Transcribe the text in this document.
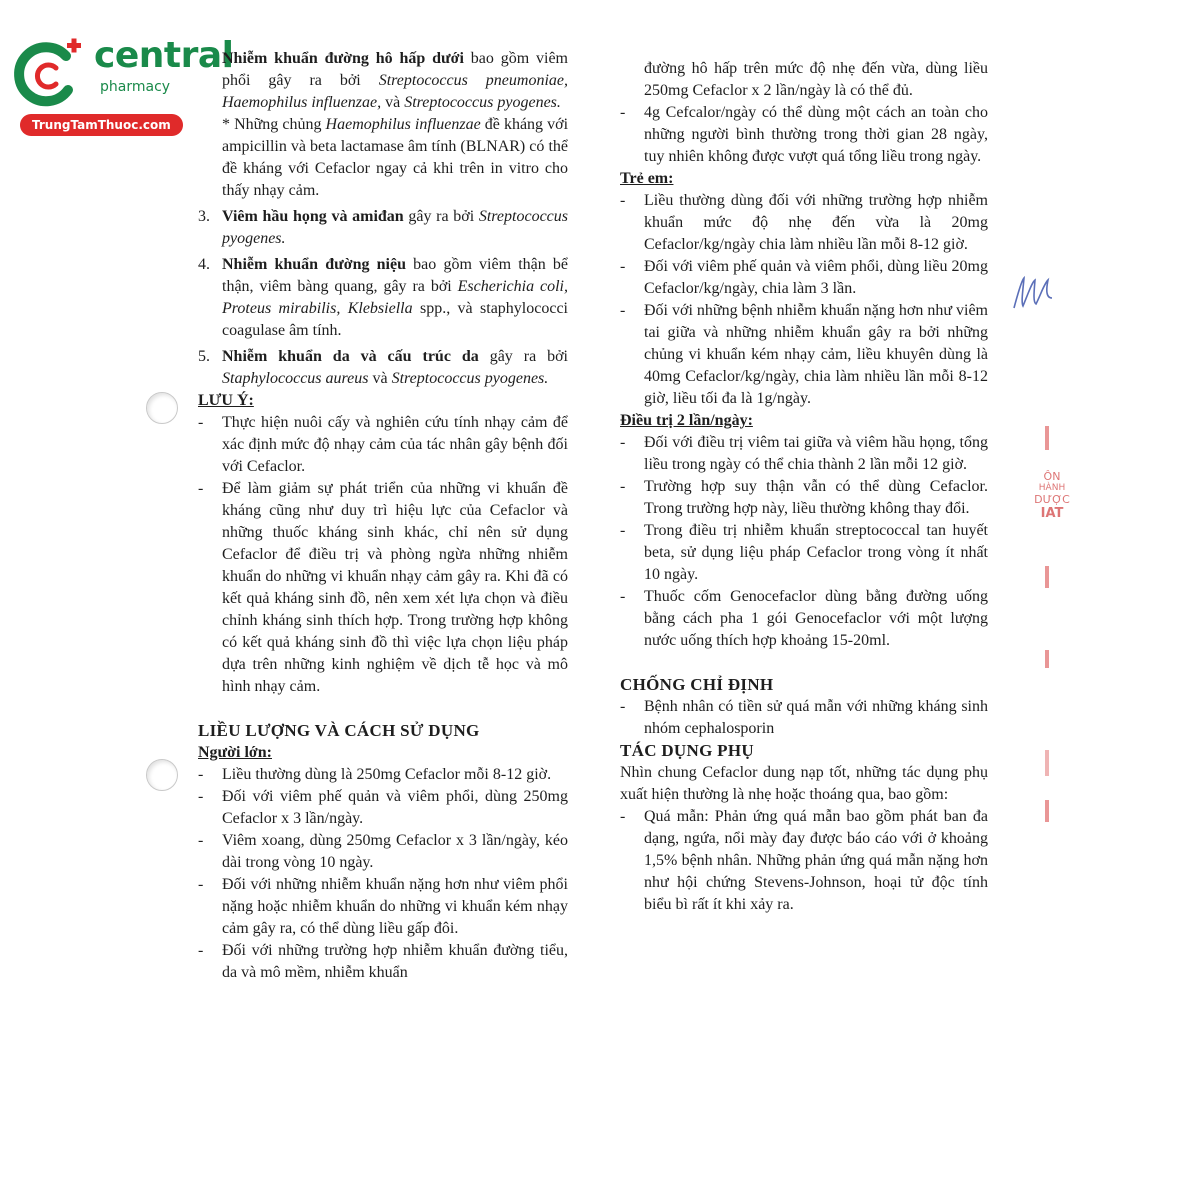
central
pharmacy
TrungTamThuoc.com

Nhiễm khuẩn đường hô hấp dưới bao gồm viêm phổi gây ra bởi Streptococcus pneumoniae, Haemophilus influenzae, và Streptococcus pyogenes.

* Những chủng Haemophilus influenzae đề kháng với ampicillin và beta lactamase âm tính (BLNAR) có thể đề kháng với Cefaclor ngay cả khi trên in vitro cho thấy nhạy cảm.

3. Viêm hầu họng và amiđan gây ra bởi Streptococcus pyogenes.
4. Nhiễm khuẩn đường niệu bao gồm viêm thận bể thận, viêm bàng quang, gây ra bởi Escherichia coli, Proteus mirabilis, Klebsiella spp., và staphylococci coagulase âm tính.
5. Nhiễm khuẩn da và cấu trúc da gây ra bởi Staphylococcus aureus và Streptococcus pyogenes.

LƯU Ý:

-	Thực hiện nuôi cấy và nghiên cứu tính nhạy cảm để xác định mức độ nhạy cảm của tác nhân gây bệnh đối với Cefaclor.
-	Để làm giảm sự phát triển của những vi khuẩn đề kháng cũng như duy trì hiệu lực của Cefaclor và những thuốc kháng sinh khác, chỉ nên sử dụng Cefaclor để điều trị và phòng ngừa những nhiễm khuẩn do những vi khuẩn nhạy cảm gây ra. Khi đã có kết quả kháng sinh đồ, nên xem xét lựa chọn và điều chỉnh kháng sinh thích hợp. Trong trường hợp không có kết quả kháng sinh đồ thì việc lựa chọn liệu pháp dựa trên những kinh nghiệm về dịch tễ học và mô hình nhạy cảm.

LIỀU LƯỢNG VÀ CÁCH SỬ DỤNG

Người lớn:

-	Liều thường dùng là 250mg Cefaclor mỗi 8-12 giờ.
-	Đối với viêm phế quản và viêm phổi, dùng 250mg Cefaclor x 3 lần/ngày.
-	Viêm xoang, dùng 250mg Cefaclor x 3 lần/ngày, kéo dài trong vòng 10 ngày.
-	Đối với những nhiễm khuẩn nặng hơn như viêm phổi nặng hoặc nhiễm khuẩn do những vi khuẩn kém nhạy cảm gây ra, có thể dùng liều gấp đôi.
-	Đối với những trường hợp nhiễm khuẩn đường tiểu, da và mô mềm, nhiễm khuẩn

đường hô hấp trên mức độ nhẹ đến vừa, dùng liều 250mg Cefaclor x 2 lần/ngày là có thể đủ.

-	4g Cefcalor/ngày có thể dùng một cách an toàn cho những người bình thường trong thời gian 28 ngày, tuy nhiên không được vượt quá tổng liều trong ngày.

Trẻ em:

-	Liều thường dùng đối với những trường hợp nhiễm khuẩn mức độ nhẹ đến vừa là 20mg Cefaclor/kg/ngày chia làm nhiều lần mỗi 8-12 giờ.
-	Đối với viêm phế quản và viêm phổi, dùng liều 20mg Cefaclor/kg/ngày, chia làm 3 lần.
-	Đối với những bệnh nhiễm khuẩn nặng hơn như viêm tai giữa và những nhiễm khuẩn gây ra bởi những chủng vi khuẩn kém nhạy cảm, liều khuyên dùng là 40mg Cefaclor/kg/ngày, chia làm nhiều lần mỗi 8-12 giờ, liều tối đa là 1g/ngày.

Điều trị 2 lần/ngày:

-	Đối với điều trị viêm tai giữa và viêm hầu họng, tổng liều trong ngày có thể chia thành 2 lần mỗi 12 giờ.
-	Trường hợp suy thận vẫn có thể dùng Cefaclor. Trong trường hợp này, liều thường không thay đổi.
-	Trong điều trị nhiễm khuẩn streptococcal tan huyết beta, sử dụng liệu pháp Cefaclor trong vòng ít nhất 10 ngày.
-	Thuốc cốm Genocefaclor dùng bằng đường uống bằng cách pha 1 gói Genocefaclor với một lượng nước uống thích hợp khoảng 15-20ml.

CHỐNG CHỈ ĐỊNH

-	Bệnh nhân có tiền sử quá mẫn với những kháng sinh nhóm cephalosporin

TÁC DỤNG PHỤ

Nhìn chung Cefaclor dung nạp tốt, những tác dụng phụ xuất hiện thường là nhẹ hoặc thoáng qua, bao gồm:

-	Quá mẫn: Phản ứng quá mẫn bao gồm phát ban đa dạng, ngứa, nổi mày đay được báo cáo với ở khoảng 1,5% bệnh nhân. Những phản ứng quá mẫn nặng hơn như hội chứng Stevens-Johnson, hoại tử độc tính biểu bì rất ít khi xảy ra.
ÔN
HÀNH
DƯỢC
IAT
